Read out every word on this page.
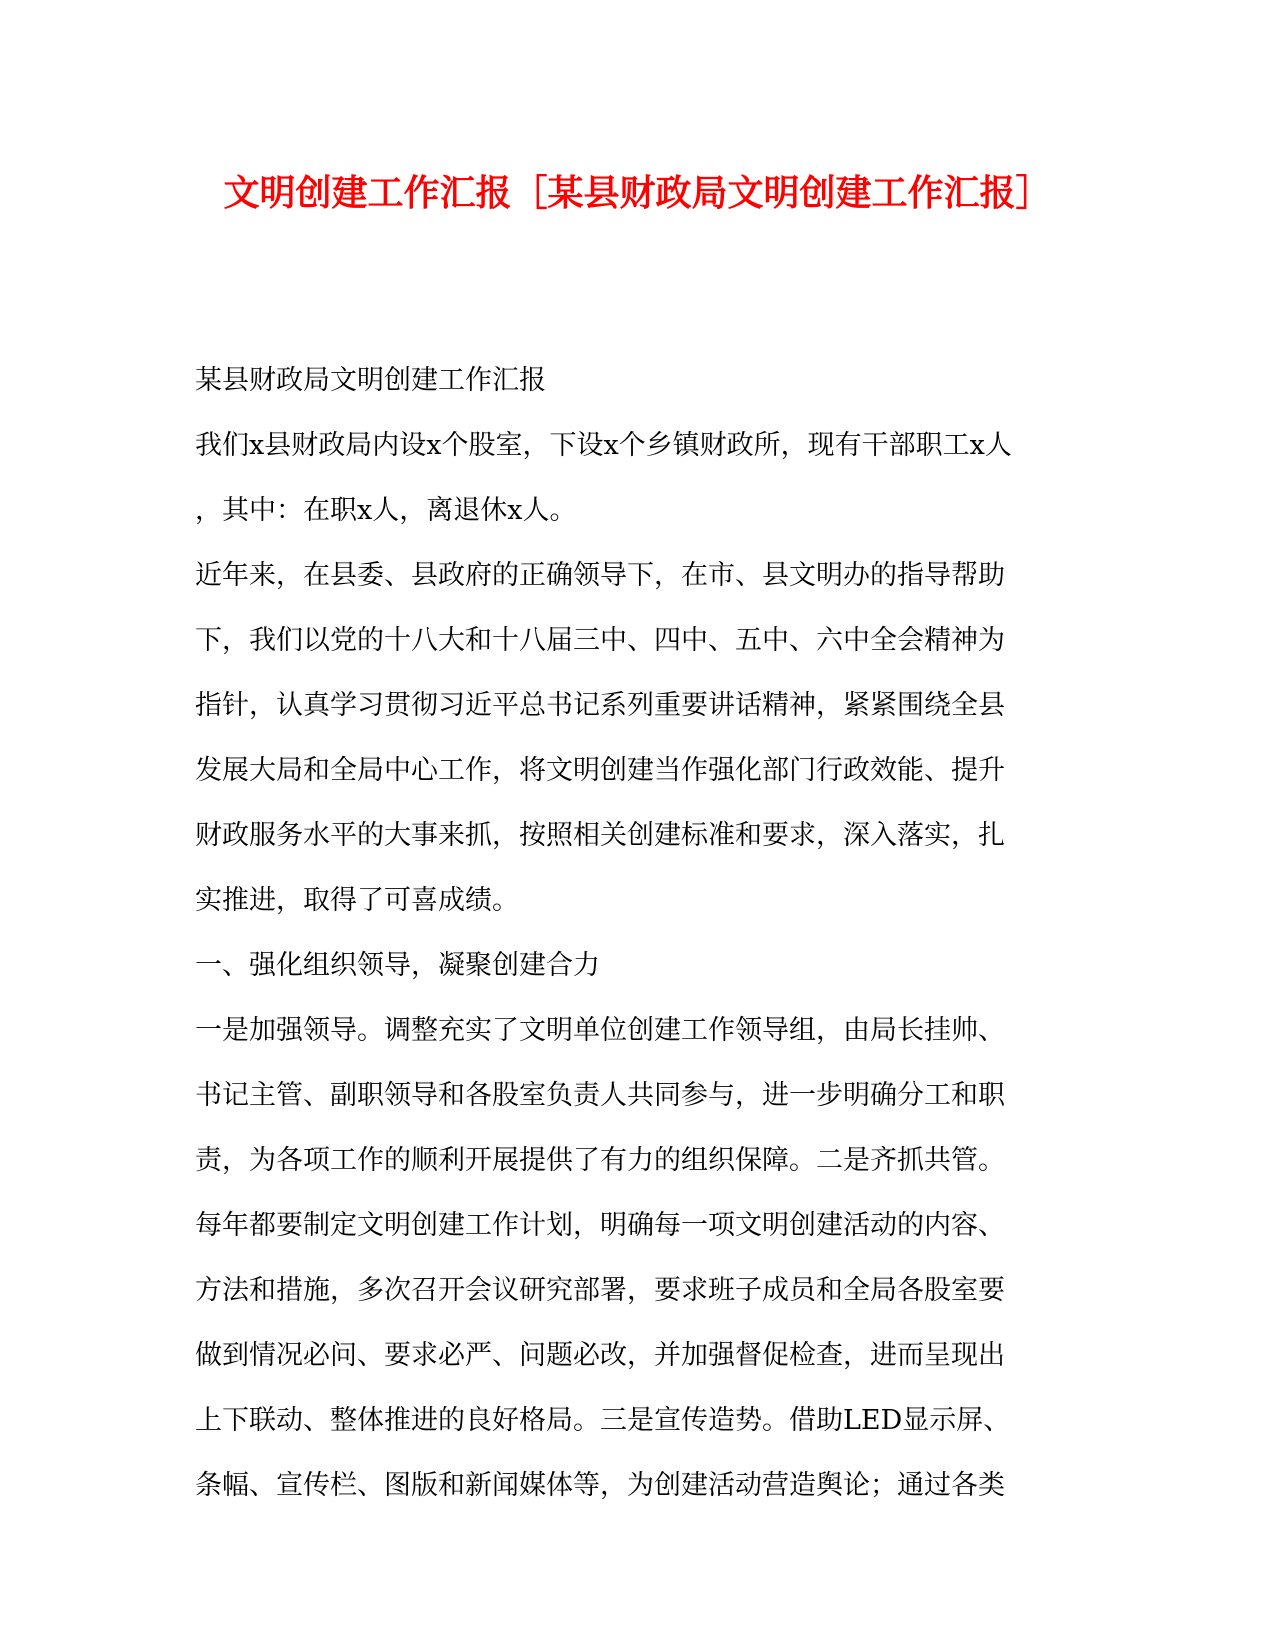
文明创建工作汇报［某县财政局文明创建工作汇报］
某县财政局文明创建工作汇报
我们x县财政局内设x个股室，下设x个乡镇财政所，现有干部职工x人
，其中：在职x人，离退休x人。
近年来，在县委、县政府的正确领导下，在市、县文明办的指导帮助
下，我们以党的十八大和十八届三中、四中、五中、六中全会精神为
指针，认真学习贯彻习近平总书记系列重要讲话精神，紧紧围绕全县
发展大局和全局中心工作，将文明创建当作强化部门行政效能、提升
财政服务水平的大事来抓，按照相关创建标准和要求，深入落实，扎
实推进，取得了可喜成绩。
一、强化组织领导，凝聚创建合力
一是加强领导。调整充实了文明单位创建工作领导组，由局长挂帅、
书记主管、副职领导和各股室负责人共同参与，进一步明确分工和职
责，为各项工作的顺利开展提供了有力的组织保障。二是齐抓共管。
每年都要制定文明创建工作计划，明确每一项文明创建活动的内容、
方法和措施，多次召开会议研究部署，要求班子成员和全局各股室要
做到情况必问、要求必严、问题必改，并加强督促检查，进而呈现出
上下联动、整体推进的良好格局。三是宣传造势。借助LED显示屏、
条幅、宣传栏、图版和新闻媒体等，为创建活动营造舆论；通过各类
